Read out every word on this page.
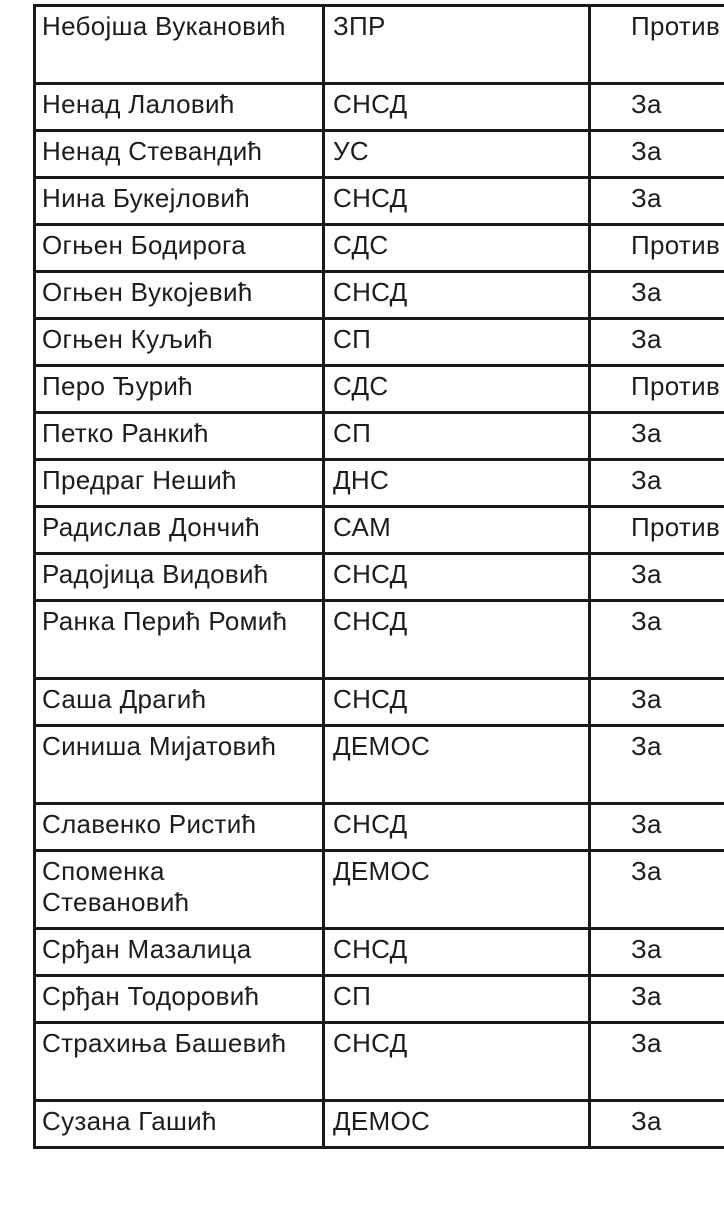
Небојша Вукановић	ЗПР	Против
Ненад Лаловић	СНСД	За
Ненад Стевандић	УС	За
Нина Букејловић	СНСД	За
Огњен Бодирога	СДС	Против
Огњен Вукојевић	СНСД	За
Огњен Куљић	СП	За
Перо Ђурић	СДС	Против
Петко Ранкић	СП	За
Предраг Нешић	ДНС	За
Радислав Дончић	САМ	Против
Радојица Видовић	СНСД	За
Ранка Перић Ромић	СНСД	За
Саша Драгић	СНСД	За
Синиша Мијатовић	ДЕМОС	За
Славенко Ристић	СНСД	За
Споменка Стевановић	ДЕМОС	За
Срђан Мазалица	СНСД	За
Срђан Тодоровић	СП	За
Страхиња Башевић	СНСД	За
Сузана Гашић	ДЕМОС	За
